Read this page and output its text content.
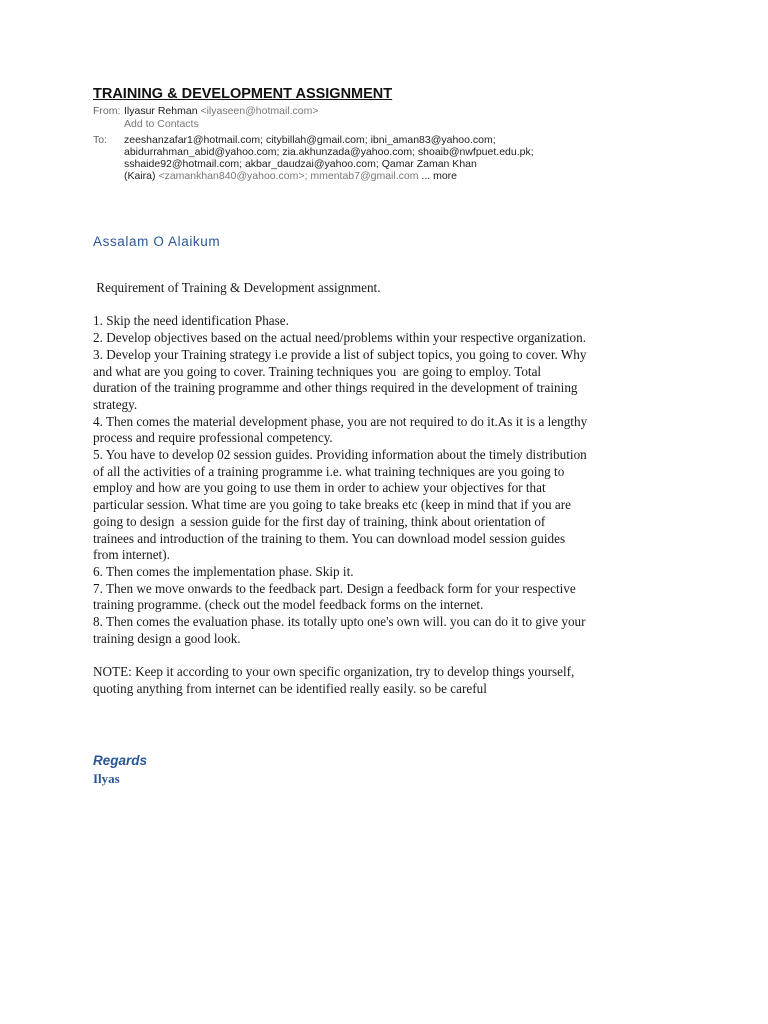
TRAINING & DEVELOPMENT ASSIGNMENT
From: Ilyasur Rehman <ilyaseen@hotmail.com>
Add to Contacts
To:	zeeshanzafar1@hotmail.com; citybillah@gmail.com; ibni_aman83@yahoo.com;
abidurrahman_abid@yahoo.com; zia.akhunzada@yahoo.com; shoaib@nwfpuet.edu.pk;
sshaide92@hotmail.com; akbar_daudzai@yahoo.com; Qamar Zaman Khan
(Kaira) <zamankhan840@yahoo.com>; mmentab7@gmail.com ... more
Assalam O Alaikum

Requirement of Training & Development assignment.

1. Skip the need identification Phase.

2. Develop objectives based on the actual need/problems within your respective organization.

3. Develop your Training strategy i.e provide a list of subject topics, you going to cover. Why

and what are you going to cover. Training techniques you  are going to employ. Total

duration of the training programme and other things required in the development of training

strategy.

4. Then comes the material development phase, you are not required to do it.As it is a lengthy

process and require professional competency.

5. You have to develop 02 session guides. Providing information about the timely distribution

of all the activities of a training programme i.e. what training techniques are you going to

employ and how are you going to use them in order to achiew your objectives for that

particular session. What time are you going to take breaks etc (keep in mind that if you are

going to design  a session guide for the first day of training, think about orientation of

trainees and introduction of the training to them. You can download model session guides

from internet).

6. Then comes the implementation phase. Skip it.

7. Then we move onwards to the feedback part. Design a feedback form for your respective

training programme. (check out the model feedback forms on the internet.

8. Then comes the evaluation phase. its totally upto one's own will. you can do it to give your

training design a good look.

NOTE: Keep it according to your own specific organization, try to develop things yourself,

quoting anything from internet can be identified really easily. so be careful

Regards
Ilyas
